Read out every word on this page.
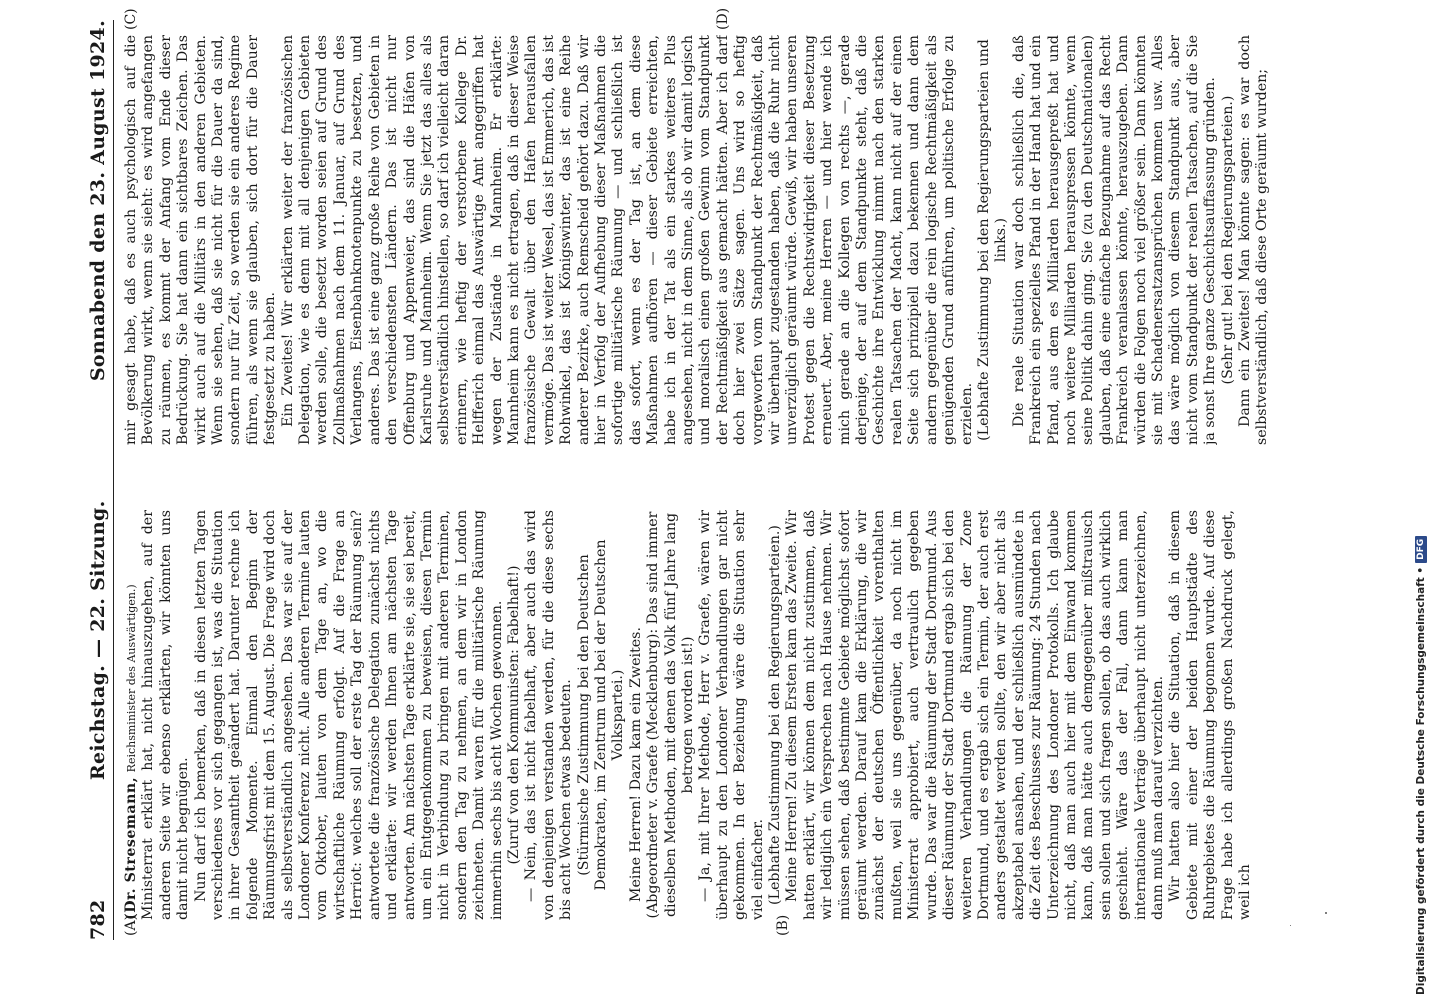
782
Reichstag. — 22. Sitzung.
Sonnabend den 23. August 1924.
(A)	(B)
(C)	(D)

(Dr. Stresemann, Reichsminister des Auswärtigen.) Ministerrat erklärt hat, nicht hinauszugehen, auf der anderen Seite wir ebenso erklärten, wir könnten uns damit nicht begnügen. Nun darf ich bemerken, daß in diesen letzten Tagen verschiedenes vor sich gegangen ist, was die Situation in ihrer Gesamtheit geändert hat. Darunter rechne ich folgende Momente. Einmal den Beginn der Räumungsfrist mit dem 15. August. Die Frage wird doch als selbstverständlich angesehen. Das war sie auf der Londoner Konferenz nicht. Alle anderen Termine lauten vom Oktober, lauten von dem Tage an, wo die wirtschaftliche Räumung erfolgt. Auf die Frage an Herriot: welches soll der erste Tag der Räumung sein? antwortete die französische Delegation zunächst nichts und erklärte: wir werden Ihnen am nächsten Tage antworten. Am nächsten Tage erklärte sie, sie sei bereit, um ein Entgegenkommen zu beweisen, diesen Termin nicht in Verbindung zu bringen mit anderen Terminen, sondern den Tag zu nehmen, an dem wir in London zeichneten. Damit waren für die militärische Räumung immerhin sechs bis acht Wochen gewonnen. (Zuruf von den Kommunisten: Fabelhaft!) — Nein, das ist nicht fabelhaft, aber auch das wird von denjenigen verstanden werden, für die diese sechs bis acht Wochen etwas bedeuten. (Stürmische Zustimmung bei den Deutschen Demokraten, im Zentrum und bei der Deutschen Volkspartei.) Meine Herren! Dazu kam ein Zweites. (Abgeordneter v. Graefe (Mecklenburg): Das sind immer dieselben Methoden, mit denen das Volk fünf Jahre lang betrogen worden ist!) — Ja, mit Ihrer Methode, Herr v. Graefe, wären wir überhaupt zu den Londoner Verhandlungen gar nicht gekommen. In der Beziehung wäre die Situation sehr viel einfacher. (Lebhafte Zustimmung bei den Regierungsparteien.) Meine Herren! Zu diesem Ersten kam das Zweite. Wir hatten erklärt, wir können dem nicht zustimmen, daß wir lediglich ein Versprechen nach Hause nehmen. Wir müssen sehen, daß bestimmte Gebiete möglichst sofort geräumt werden. Darauf kam die Erklärung, die wir zunächst der deutschen Öffentlichkeit vorenthalten mußten, weil sie uns gegenüber, da noch nicht im Ministerrat approbiert, auch vertraulich gegeben wurde. Das war die Räumung der Stadt Dortmund. Aus dieser Räumung der Stadt Dortmund ergab sich bei den weiteren Verhandlungen die Räumung der Zone Dortmund, und es ergab sich ein Termin, der auch erst anders gestaltet werden sollte, den wir aber nicht als akzeptabel ansahen, und der schließlich ausmündete in die Zeit des Beschlusses zur Räumung: 24 Stunden nach Unterzeichnung des Londoner Protokolls. Ich glaube nicht, daß man auch hier mit dem Einwand kommen kann, daß man hätte auch demgegenüber mißtrauisch sein sollen und sich fragen sollen, ob das auch wirklich geschieht. Wäre das der Fall, dann kann man internationale Verträge überhaupt nicht unterzeichnen, dann muß man darauf verzichten. Wir hatten also hier die Situation, daß in diesem Gebiete mit einer der beiden Hauptstädte des Ruhrgebietes die Räumung begonnen wurde. Auf diese Frage habe ich allerdings großen Nachdruck gelegt, weil ich

mir gesagt habe, daß es auch psychologisch auf die Bevölkerung wirkt, wenn sie sieht: es wird angefangen zu räumen, es kommt der Anfang vom Ende dieser Bedrückung. Sie hat dann ein sichtbares Zeichen. Das wirkt auch auf die Militärs in den anderen Gebieten. Wenn sie sehen, daß sie nicht für die Dauer da sind, sondern nur für Zeit, so werden sie ein anderes Regime führen, als wenn sie glauben, sich dort für die Dauer festgesetzt zu haben. Ein Zweites! Wir erklärten weiter der französischen Delegation, wie es denn mit all denjenigen Gebieten werden solle, die besetzt worden seien auf Grund des Zollmaßnahmen nach dem 11. Januar, auf Grund des Verlangens, Eisenbahnknotenpunkte zu besetzen, und anderes. Das ist eine ganz große Reihe von Gebieten in den verschiedensten Ländern. Das ist nicht nur Offenburg und Appenweier, das sind die Häfen von Karlsruhe und Mannheim. Wenn Sie jetzt das alles als selbstverständlich hinstellen, so darf ich vielleicht daran erinnern, wie heftig der verstorbene Kollege Dr. Helfferich einmal das Auswärtige Amt angegriffen hat wegen der Zustände in Mannheim. Er erklärte: Mannheim kann es nicht ertragen, daß in dieser Weise französische Gewalt über den Hafen herausfallen vermöge. Das ist weiter Wesel, das ist Emmerich, das ist Rohwinkel, das ist Königswinter, das ist eine Reihe anderer Bezirke, auch Remscheid gehört dazu. Daß wir hier in Verfolg der Aufhebung dieser Maßnahmen die sofortige militärische Räumung — und schließlich ist das sofort, wenn es der Tag ist, an dem diese Maßnahmen aufhören — dieser Gebiete erreichten, habe ich in der Tat als ein starkes weiteres Plus angesehen, nicht in dem Sinne, als ob wir damit logisch und moralisch einen großen Gewinn vom Standpunkt der Rechtmäßigkeit aus gemacht hätten. Aber ich darf doch hier zwei Sätze sagen. Uns wird so heftig vorgeworfen vom Standpunkt der Rechtmäßigkeit, daß wir überhaupt zugestanden haben, daß die Ruhr nicht unverzüglich geräumt würde. Gewiß, wir haben unseren Protest gegen die Rechtswidrigkeit dieser Besetzung erneuert. Aber, meine Herren — und hier wende ich mich gerade an die Kollegen von rechts —, gerade derjenige, der auf dem Standpunkte steht, daß die Geschichte ihre Entwicklung nimmt nach den starken realen Tatsachen der Macht, kann nicht auf der einen Seite sich prinzipiell dazu bekennen und dann dem andern gegenüber die rein logische Rechtmäßigkeit als genügenden Grund anführen, um politische Erfolge zu erzielen. (Lebhafte Zustimmung bei den Regierungsparteien und links.) Die reale Situation war doch schließlich die, daß Frankreich ein spezielles Pfand in der Hand hat und ein Pfand, aus dem es Milliarden herausgepreßt hat und noch weitere Milliarden herauspressen könnte, wenn seine Politik dahin ging. Sie (zu den Deutschnationalen) glauben, daß eine einfache Bezugnahme auf das Recht Frankreich veranlassen könnte, herauszugeben. Dann würden die Folgen noch viel größer sein. Dann könnten sie mit Schadenersatzansprüchen kommen usw. Alles das wäre möglich von diesem Standpunkt aus, aber nicht vom Standpunkt der realen Tatsachen, auf die Sie ja sonst Ihre ganze Geschichtsauffassung gründen. (Sehr gut! bei den Regierungsparteien.) Dann ein Zweites! Man könnte sagen: es war doch selbstverständlich, daß diese Orte geräumt wurden;

Digitalisierung gefördert durch die Deutsche Forschungsgemeinschaft •
DFG
